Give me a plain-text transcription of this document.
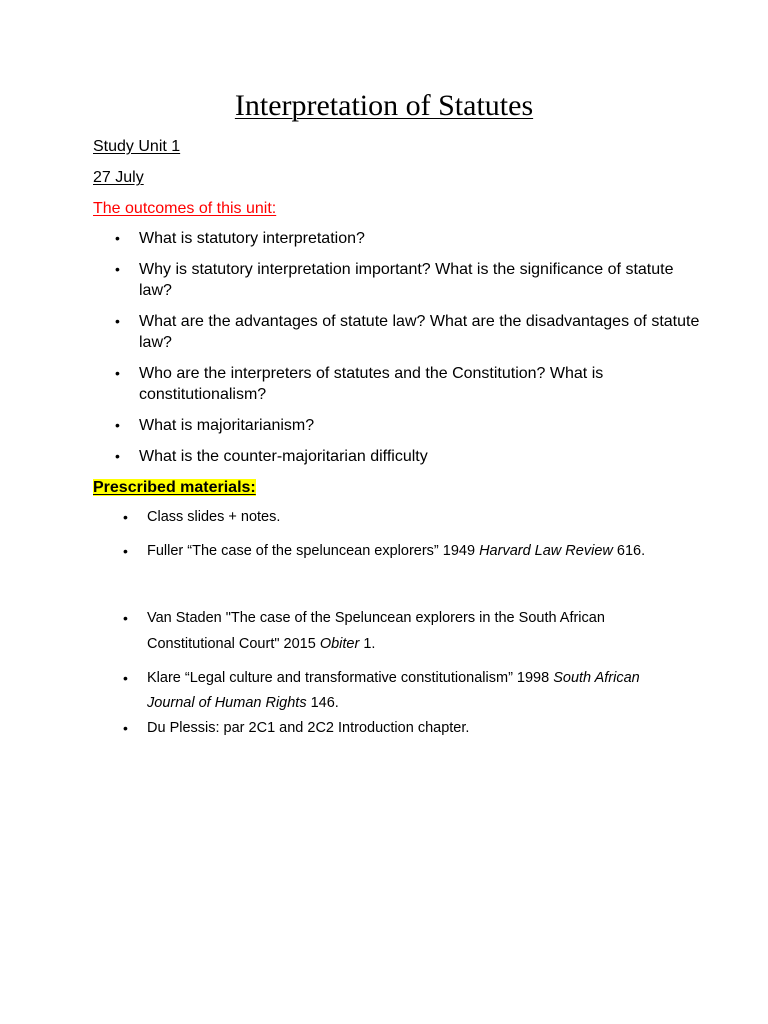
Interpretation of Statutes

Study Unit 1

27 July

The outcomes of this unit:

• What is statutory interpretation?
• Why is statutory interpretation important? What is the significance of statute law?
• What are the advantages of statute law? What are the disadvantages of statute law?
• Who are the interpreters of statutes and the Constitution? What is constitutionalism?
• What is majoritarianism?
• What is the counter-majoritarian difficulty

Prescribed materials:

• Class slides + notes.
• Fuller “The case of the speluncean explorers” 1949 Harvard Law Review 616.
• Van Staden "The case of the Speluncean explorers in the South African Constitutional Court" 2015 Obiter 1.
• Klare “Legal culture and transformative constitutionalism” 1998 South African Journal of Human Rights 146.
• Du Plessis: par 2C1 and 2C2 Introduction chapter.
